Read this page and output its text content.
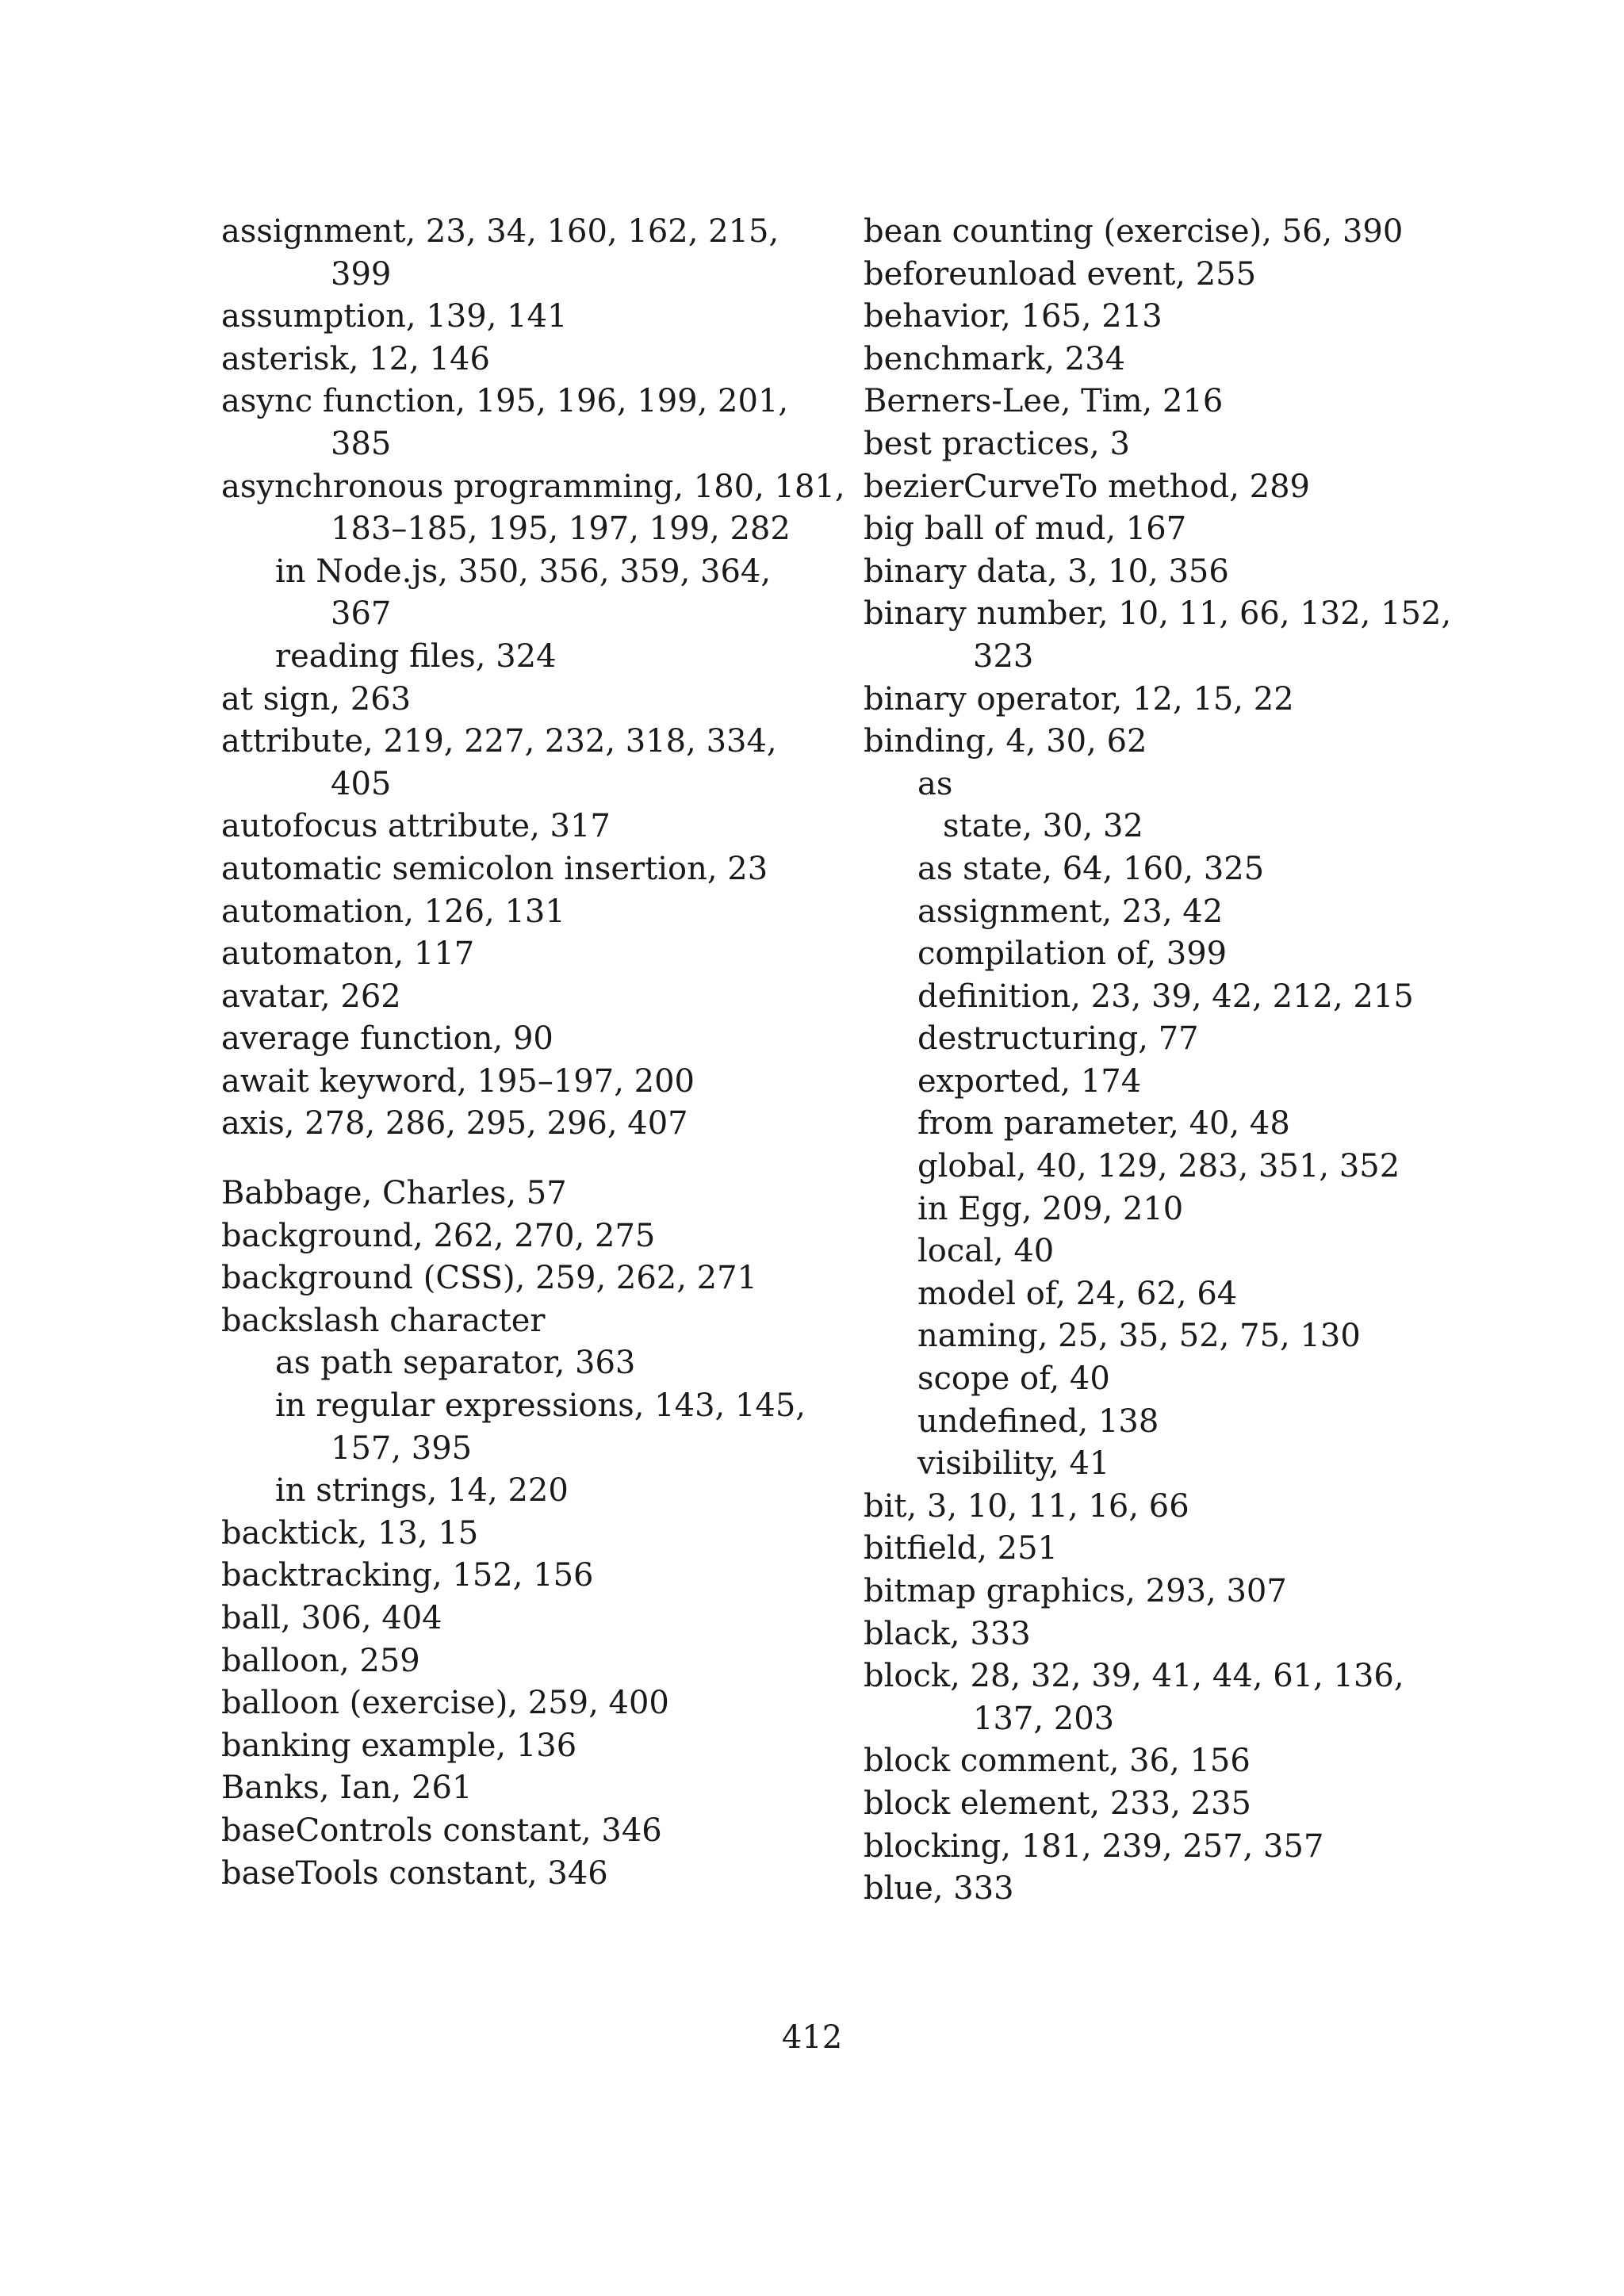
assignment, 23, 34, 160, 162, 215,
399
assumption, 139, 141
asterisk, 12, 146
async function, 195, 196, 199, 201,
385
asynchronous programming, 180, 181,
183–185, 195, 197, 199, 282
in Node.js, 350, 356, 359, 364,
367
reading files, 324
at sign, 263
attribute, 219, 227, 232, 318, 334,
405
autofocus attribute, 317
automatic semicolon insertion, 23
automation, 126, 131
automaton, 117
avatar, 262
average function, 90
await keyword, 195–197, 200
axis, 278, 286, 295, 296, 407
Babbage, Charles, 57
background, 262, 270, 275
background (CSS), 259, 262, 271
backslash character
as path separator, 363
in regular expressions, 143, 145,
157, 395
in strings, 14, 220
backtick, 13, 15
backtracking, 152, 156
ball, 306, 404
balloon, 259
balloon (exercise), 259, 400
banking example, 136
Banks, Ian, 261
baseControls constant, 346
baseTools constant, 346
bean counting (exercise), 56, 390
beforeunload event, 255
behavior, 165, 213
benchmark, 234
Berners-Lee, Tim, 216
best practices, 3
bezierCurveTo method, 289
big ball of mud, 167
binary data, 3, 10, 356
binary number, 10, 11, 66, 132, 152,
323
binary operator, 12, 15, 22
binding, 4, 30, 62
as
state, 30, 32
as state, 64, 160, 325
assignment, 23, 42
compilation of, 399
definition, 23, 39, 42, 212, 215
destructuring, 77
exported, 174
from parameter, 40, 48
global, 40, 129, 283, 351, 352
in Egg, 209, 210
local, 40
model of, 24, 62, 64
naming, 25, 35, 52, 75, 130
scope of, 40
undefined, 138
visibility, 41
bit, 3, 10, 11, 16, 66
bitfield, 251
bitmap graphics, 293, 307
black, 333
block, 28, 32, 39, 41, 44, 61, 136,
137, 203
block comment, 36, 156
block element, 233, 235
blocking, 181, 239, 257, 357
blue, 333
412
